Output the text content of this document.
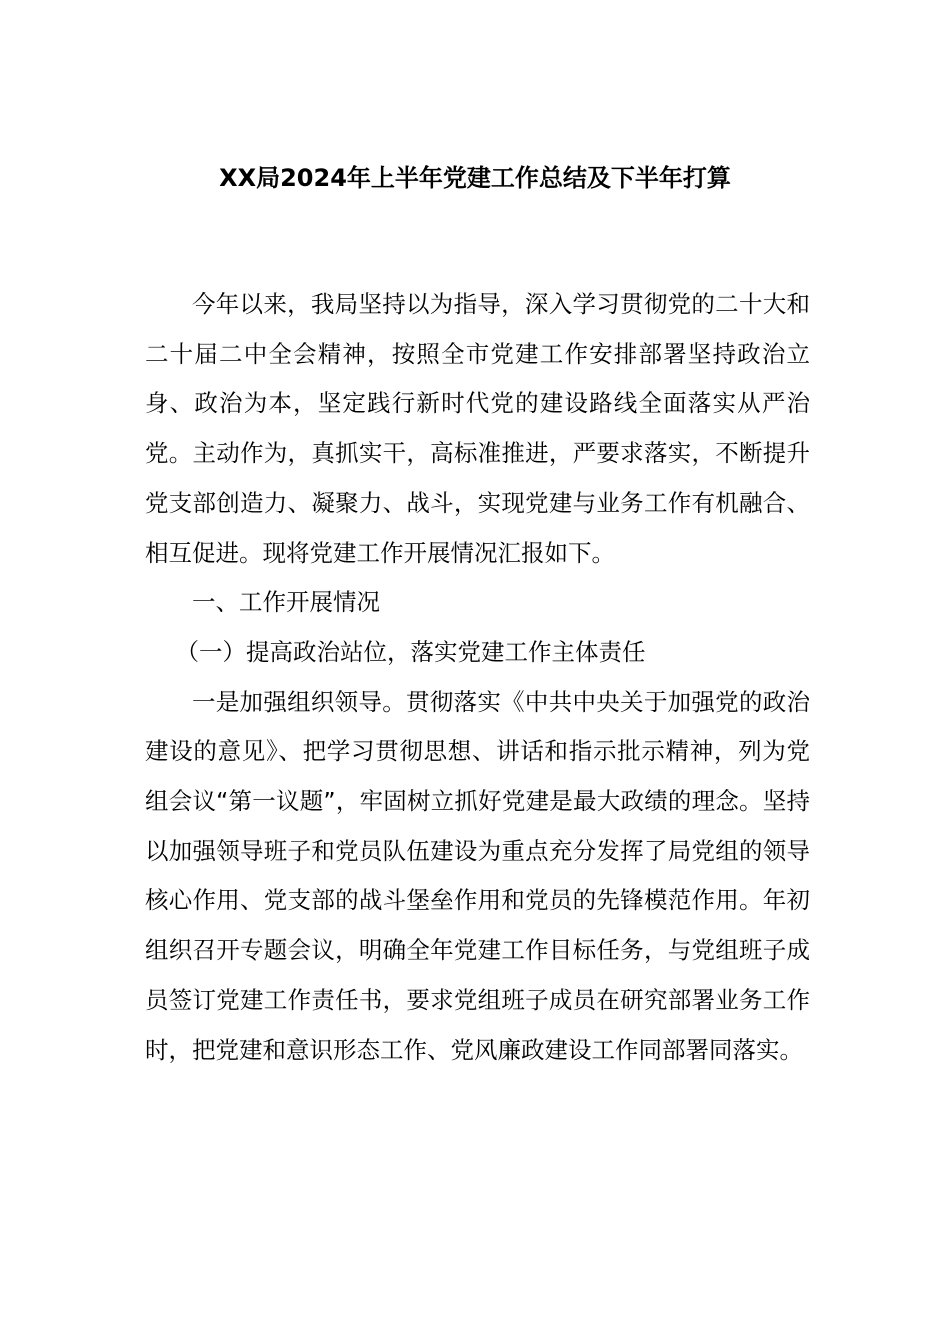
XX局2024年上半年党建工作总结及下半年打算

今年以来，我局坚持以为指导，深入学习贯彻党的二十大和二十届二中全会精神，按照全市党建工作安排部署坚持政治立身、政治为本，坚定践行新时代党的建设路线全面落实从严治党。主动作为，真抓实干，高标准推进，严要求落实，不断提升党支部创造力、凝聚力、战斗，实现党建与业务工作有机融合、相互促进。现将党建工作开展情况汇报如下。

一、工作开展情况

（一）提高政治站位，落实党建工作主体责任

一是加强组织领导。贯彻落实《中共中央关于加强党的政治建设的意见》、把学习贯彻思想、讲话和指示批示精神，列为党组会议“第一议题”，牢固树立抓好党建是最大政绩的理念。坚持以加强领导班子和党员队伍建设为重点充分发挥了局党组的领导核心作用、党支部的战斗堡垒作用和党员的先锋模范作用。年初组织召开专题会议，明确全年党建工作目标任务，与党组班子成员签订党建工作责任书，要求党组班子成员在研究部署业务工作时，把党建和意识形态工作、党风廉政建设工作同部署同落实。
